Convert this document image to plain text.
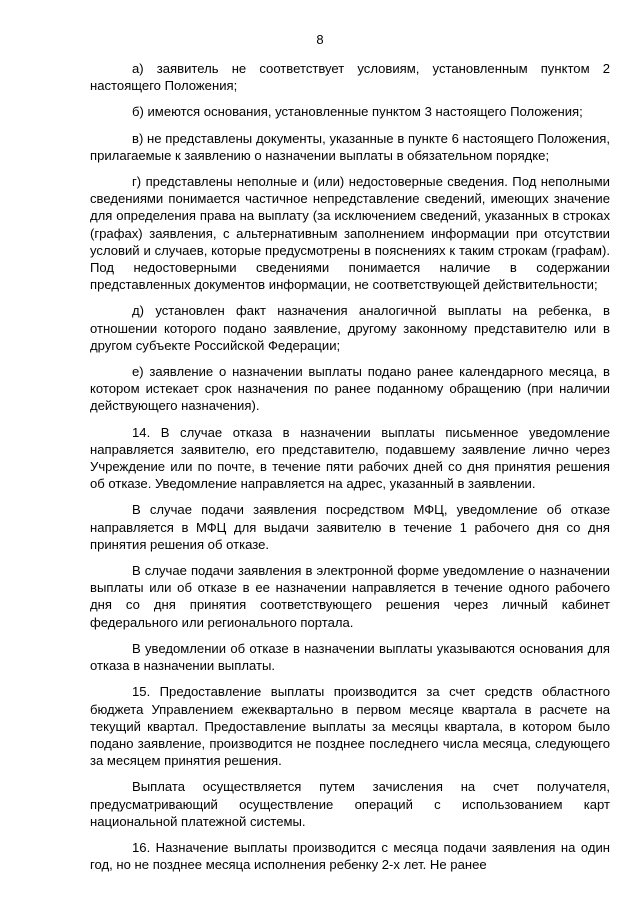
8

а) заявитель не соответствует условиям, установленным пунктом 2 настоящего Положения;

б) имеются основания, установленные пунктом 3 настоящего Положения;

в) не представлены документы, указанные в пункте 6 настоящего Положения, прилагаемые к заявлению о назначении выплаты в обязательном порядке;

г) представлены неполные и (или) недостоверные сведения. Под неполными сведениями понимается частичное непредставление сведений, имеющих значение для определения права на выплату (за исключением сведений, указанных в строках (графах) заявления, с альтернативным заполнением информации при отсутствии условий и случаев, которые предусмотрены в пояснениях к таким строкам (графам). Под недостоверными сведениями понимается наличие в содержании представленных документов информации, не соответствующей действительности;

д) установлен факт назначения аналогичной выплаты на ребенка, в отношении которого подано заявление, другому законному представителю или в другом субъекте Российской Федерации;

е) заявление о назначении выплаты подано ранее календарного месяца, в котором истекает срок назначения по ранее поданному обращению (при наличии действующего назначения).

14. В случае отказа в назначении выплаты письменное уведомление направляется заявителю, его представителю, подавшему заявление лично через Учреждение или по почте, в течение пяти рабочих дней со дня принятия решения об отказе. Уведомление направляется на адрес, указанный в заявлении.

В случае подачи заявления посредством МФЦ, уведомление об отказе направляется в МФЦ для выдачи заявителю в течение 1 рабочего дня со дня принятия решения об отказе.

В случае подачи заявления в электронной форме уведомление о назначении выплаты или об отказе в ее назначении направляется в течение одного рабочего дня со дня принятия соответствующего решения через личный кабинет федерального или регионального портала.

В уведомлении об отказе в назначении выплаты указываются основания для отказа в назначении выплаты.

15. Предоставление выплаты производится за счет средств областного бюджета Управлением ежеквартально в первом месяце квартала в расчете на текущий квартал. Предоставление выплаты за месяцы квартала, в котором было подано заявление, производится не позднее последнего числа месяца, следующего за месяцем принятия решения.

Выплата осуществляется путем зачисления на счет получателя, предусматривающий осуществление операций с использованием карт национальной платежной системы.

16. Назначение выплаты производится с месяца подачи заявления на один год, но не позднее месяца исполнения ребенку 2-х лет. Не ранее
